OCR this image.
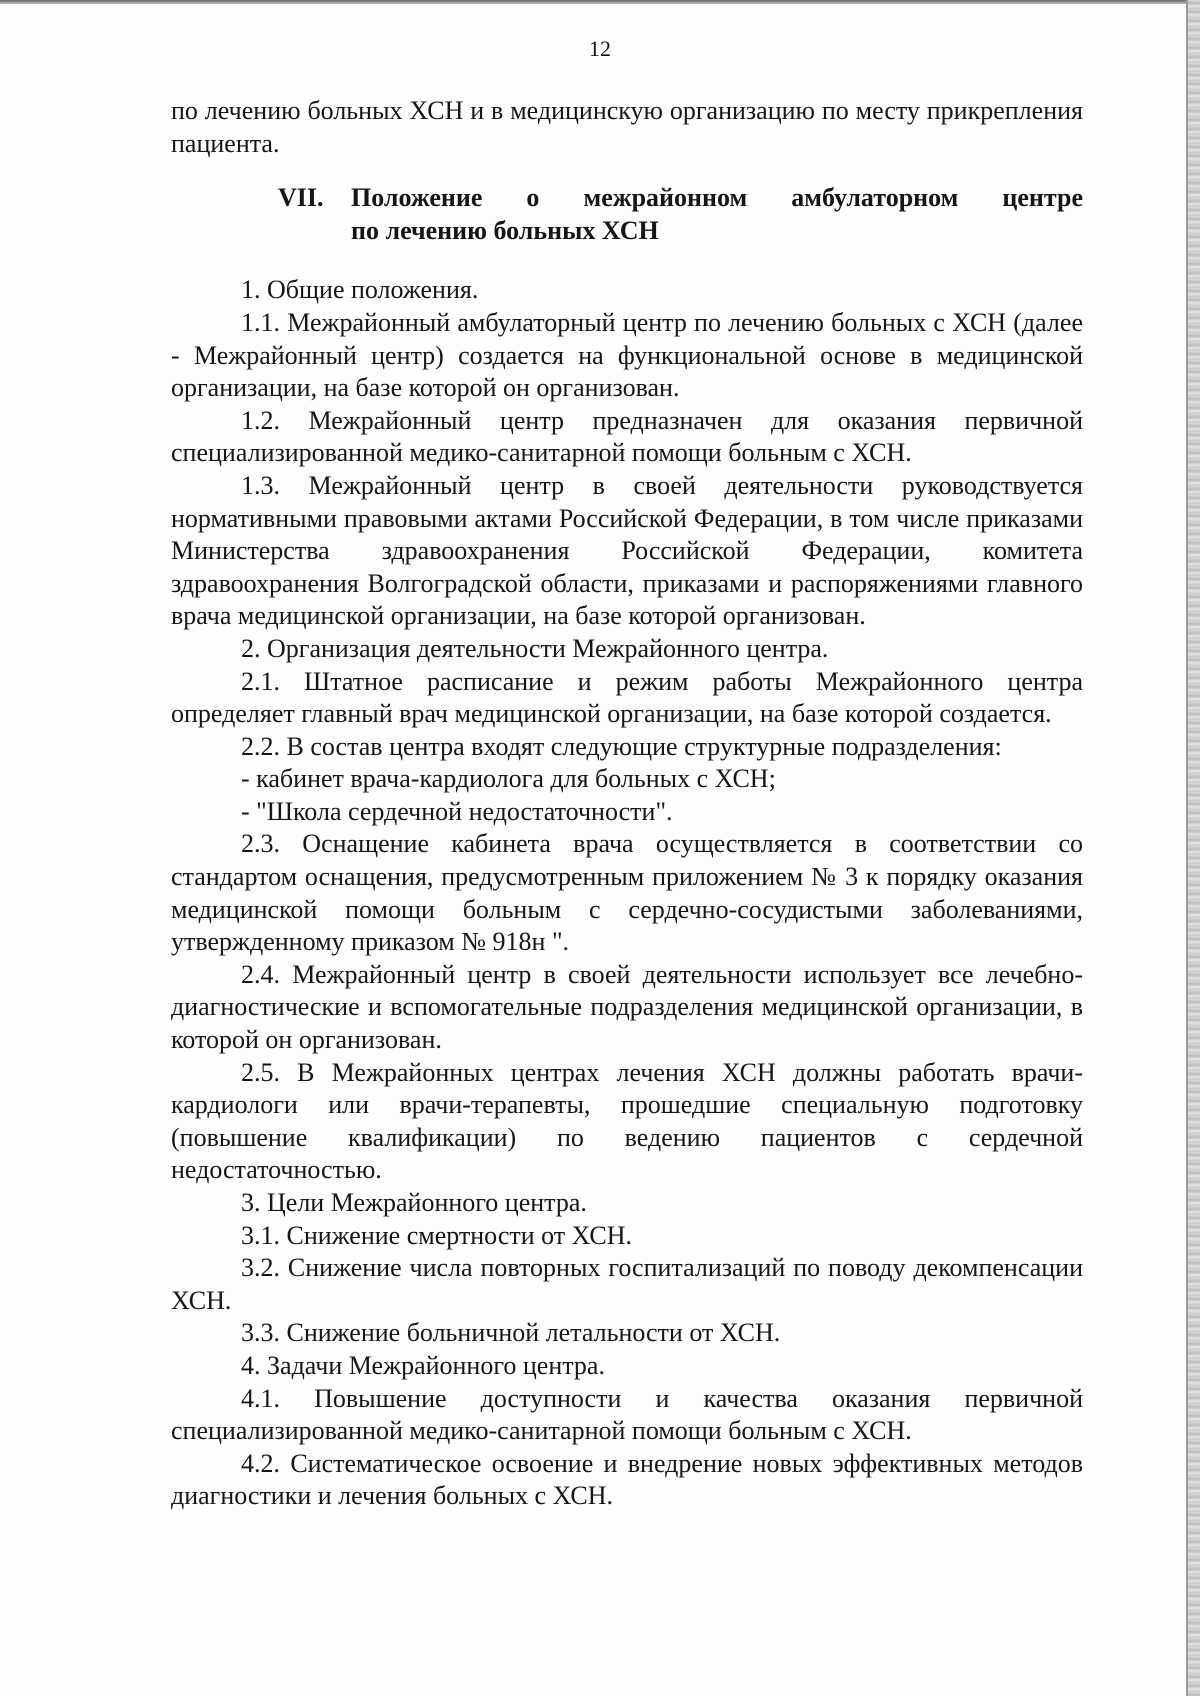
12

по лечению больных ХСН и в медицинскую организацию по месту прикрепления пациента.

VII.	Положение о межрайонном амбулаторном центре
по лечению больных ХСН

1. Общие положения.

1.1. Межрайонный амбулаторный центр по лечению больных с ХСН (далее - Межрайонный центр) создается на функциональной основе в медицинской организации, на базе которой он организован.

1.2. Межрайонный центр предназначен для оказания первичной специализированной медико-санитарной помощи больным с ХСН.

1.3. Межрайонный центр в своей деятельности руководствуется нормативными правовыми актами Российской Федерации, в том числе приказами Министерства здравоохранения Российской Федерации, комитета здравоохранения Волгоградской области, приказами и распоряжениями главного врача медицинской организации, на базе которой организован.

2. Организация деятельности Межрайонного центра.

2.1. Штатное расписание и режим работы Межрайонного центра определяет главный врач медицинской организации, на базе которой создается.

2.2. В состав центра входят следующие структурные подразделения:

- кабинет врача-кардиолога для больных с ХСН;

- "Школа сердечной недостаточности".

2.3. Оснащение кабинета врача осуществляется в соответствии со стандартом оснащения, предусмотренным приложением № 3 к порядку оказания медицинской помощи больным с сердечно-сосудистыми заболеваниями, утвержденному приказом № 918н ".

2.4. Межрайонный центр в своей деятельности использует все лечебно-диагностические и вспомогательные подразделения медицинской организации, в которой он организован.

2.5. В Межрайонных центрах лечения ХСН должны работать врачи-кардиологи или врачи-терапевты, прошедшие специальную подготовку (повышение квалификации) по ведению пациентов с сердечной недостаточностью.

3. Цели Межрайонного центра.

3.1. Снижение смертности от ХСН.

3.2. Снижение числа повторных госпитализаций по поводу декомпенсации ХСН.

3.3. Снижение больничной летальности от ХСН.

4. Задачи Межрайонного центра.

4.1. Повышение доступности и качества оказания первичной специализированной медико-санитарной помощи больным с ХСН.

4.2. Систематическое освоение и внедрение новых эффективных методов диагностики и лечения больных с ХСН.
